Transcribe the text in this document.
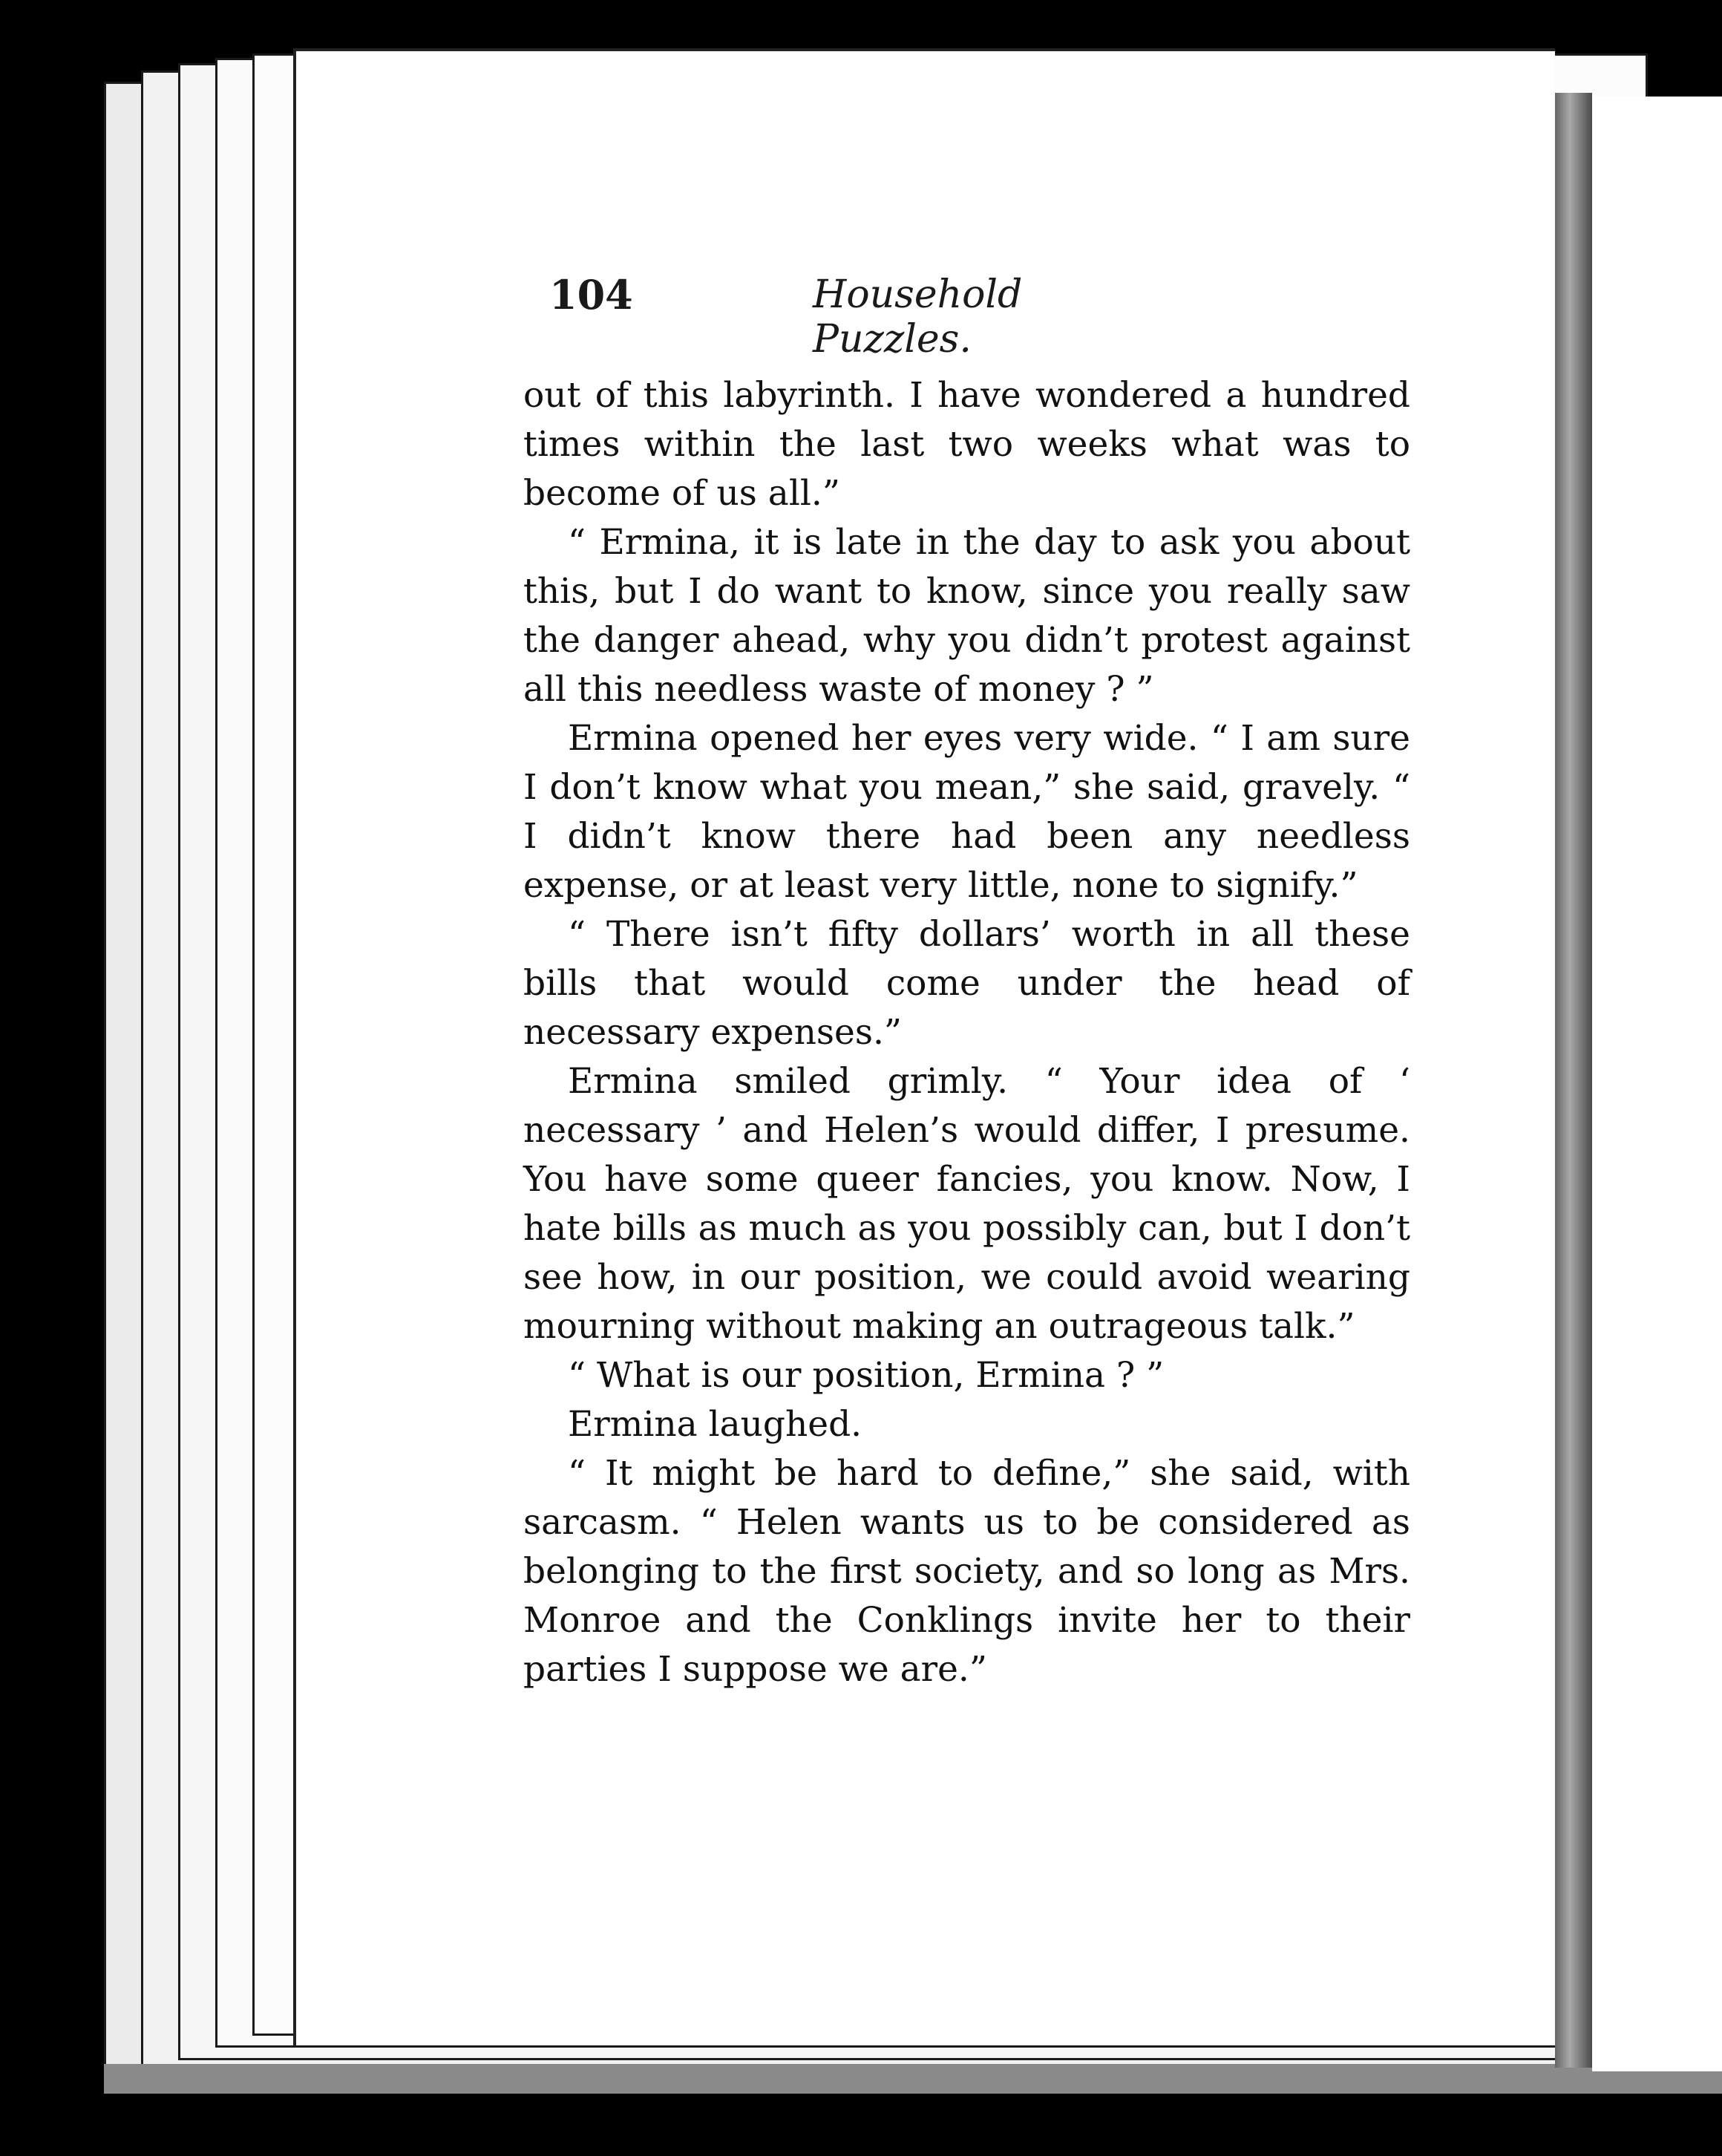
104	Household Puzzles.

out of this labyrinth. I have wondered a hundred times within the last two weeks what was to become of us all.”

“ Ermina, it is late in the day to ask you about this, but I do want to know, since you really saw the danger ahead, why you didn’t protest against all this needless waste of money ? ”

Ermina opened her eyes very wide. “ I am sure I don’t know what you mean,” she said, gravely. “ I didn’t know there had been any needless expense, or at least very little, none to signify.”

“ There isn’t fifty dollars’ worth in all these bills that would come under the head of necessary expenses.”

Ermina smiled grimly. “ Your idea of ‘ necessary ’ and Helen’s would differ, I presume. You have some queer fancies, you know. Now, I hate bills as much as you possibly can, but I don’t see how, in our position, we could avoid wearing mourning without making an outrageous talk.”

“ What is our position, Ermina ? ”

Ermina laughed.

“ It might be hard to define,” she said, with sarcasm. “ Helen wants us to be considered as belonging to the first society, and so long as Mrs. Monroe and the Conklings invite her to their parties I suppose we are.”
